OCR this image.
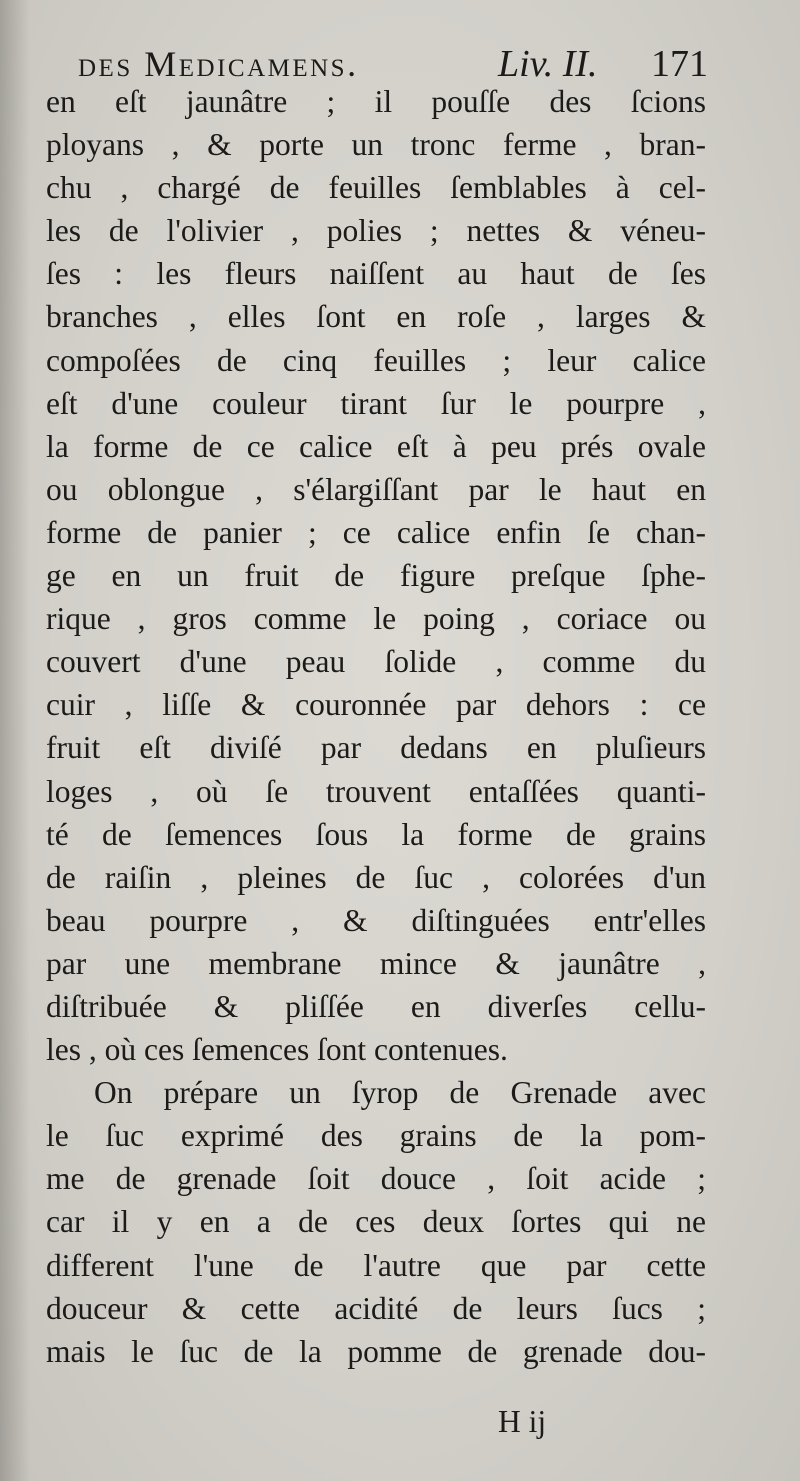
des Medicamens.	Liv. II. 171
en eſt jaunâtre ; il pouſſe des ſcions
ployans , & porte un tronc ferme , bran-
chu , chargé de feuilles ſemblables à cel-
les de l'olivier , polies ; nettes & véneu-
ſes : les fleurs naiſſent au haut de ſes
branches , elles ſont en roſe , larges &
compoſées de cinq feuilles ; leur calice
eſt d'une couleur tirant ſur le pourpre ,
la forme de ce calice eſt à peu prés ovale
ou oblongue , s'élargiſſant par le haut en
forme de panier ; ce calice enfin ſe chan-
ge en un fruit de figure preſque ſphe-
rique , gros comme le poing , coriace ou
couvert d'une peau ſolide , comme du
cuir , liſſe & couronnée par dehors : ce
fruit eſt diviſé par dedans en pluſieurs
loges , où ſe trouvent entaſſées quanti-
té de ſemences ſous la forme de grains
de raiſin , pleines de ſuc , colorées d'un
beau pourpre , & diſtinguées entr'elles
par une membrane mince & jaunâtre ,
diſtribuée & pliſſée en diverſes cellu-
les , où ces ſemences ſont contenues.
On prépare un ſyrop de Grenade avec
le ſuc exprimé des grains de la pom-
me de grenade ſoit douce , ſoit acide ;
car il y en a de ces deux ſortes qui ne
different l'une de l'autre que par cette
douceur & cette acidité de leurs ſucs ;
mais le ſuc de la pomme de grenade dou-
H ij
